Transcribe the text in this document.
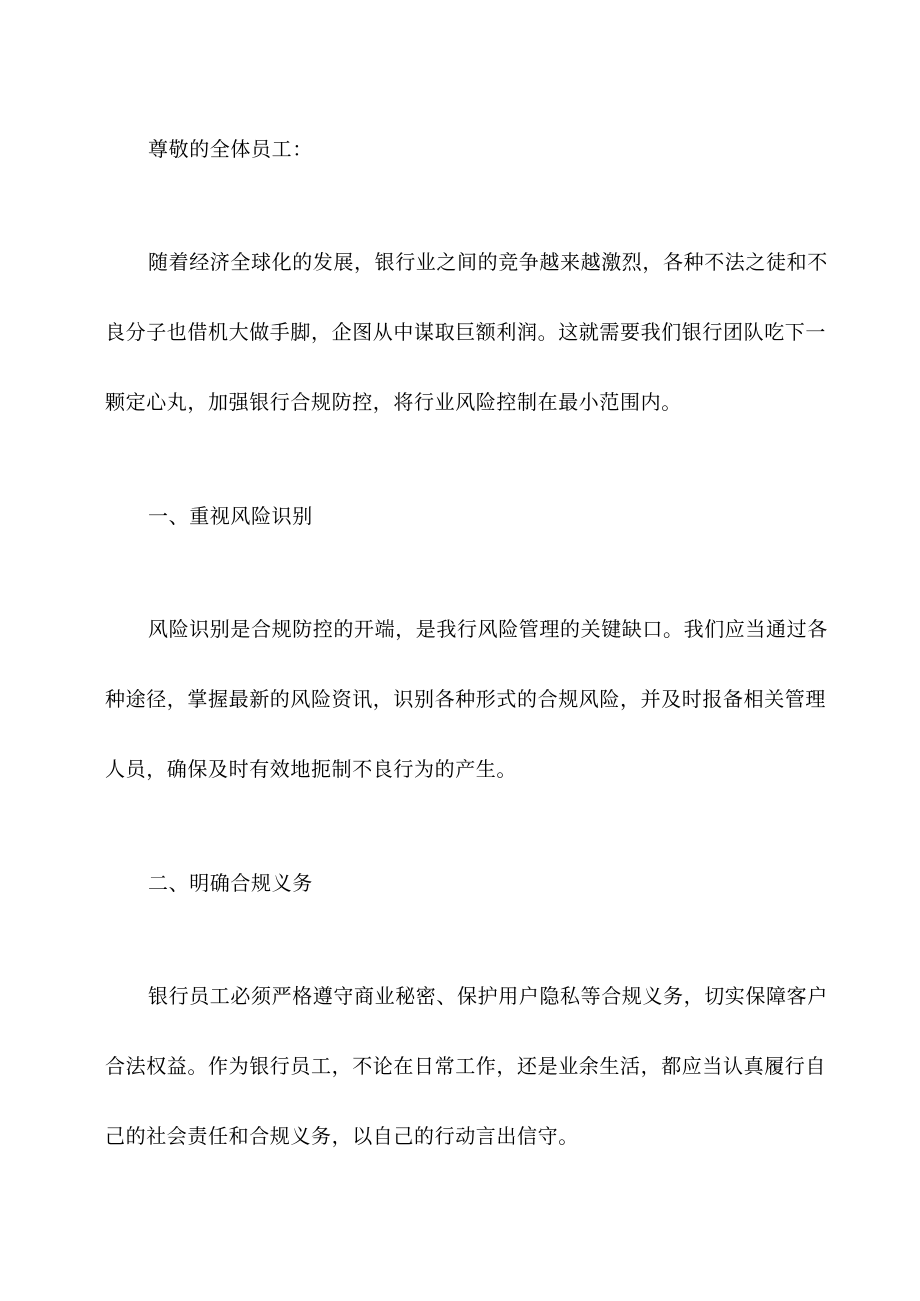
尊敬的全体员工：
随着经济全球化的发展，银行业之间的竞争越来越激烈，各种不法之徒和不
良分子也借机大做手脚，企图从中谋取巨额利润。这就需要我们银行团队吃下一
颗定心丸，加强银行合规防控，将行业风险控制在最小范围内。
一、重视风险识别
风险识别是合规防控的开端，是我行风险管理的关键缺口。我们应当通过各
种途径，掌握最新的风险资讯，识别各种形式的合规风险，并及时报备相关管理
人员，确保及时有效地扼制不良行为的产生。
二、明确合规义务
银行员工必须严格遵守商业秘密、保护用户隐私等合规义务，切实保障客户
合法权益。作为银行员工，不论在日常工作，还是业余生活，都应当认真履行自
己的社会责任和合规义务，以自己的行动言出信守。
